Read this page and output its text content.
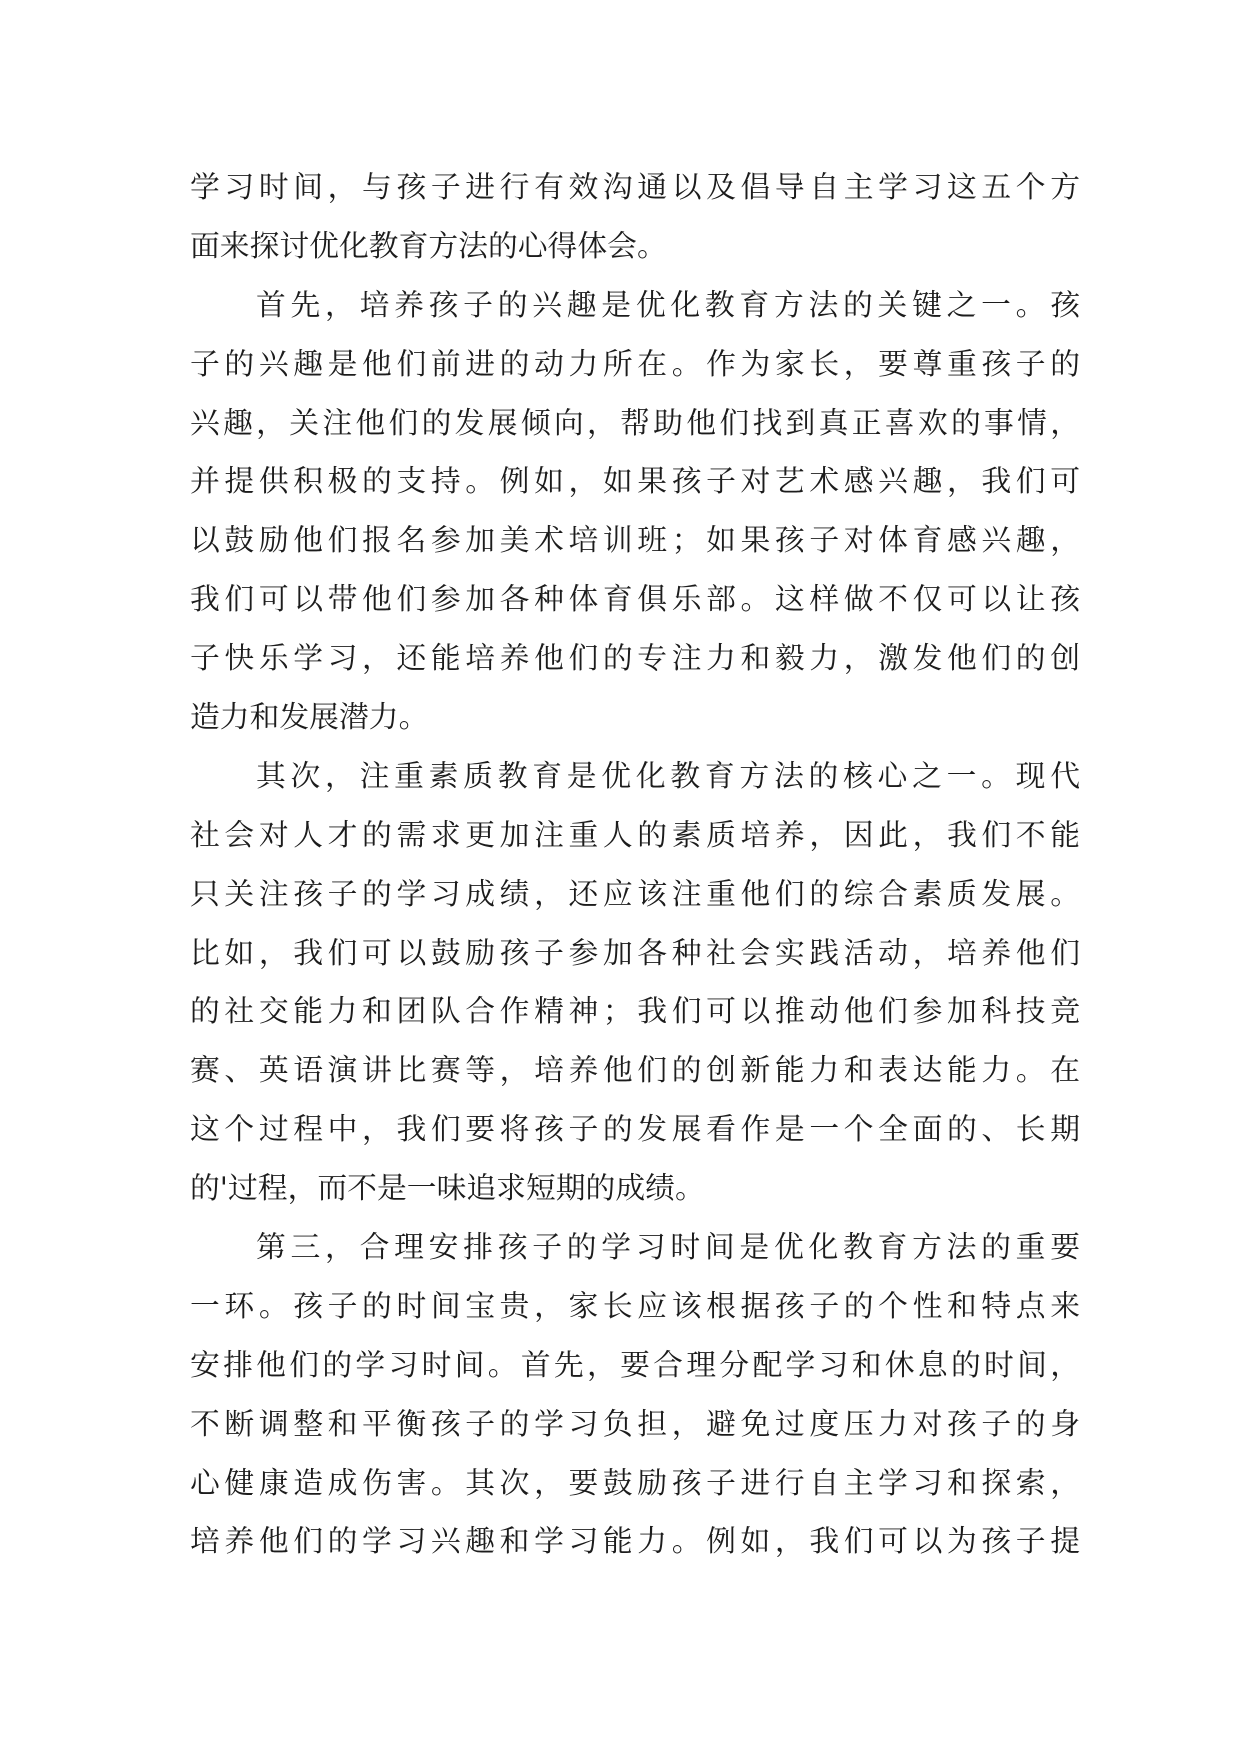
学习时间，与孩子进行有效沟通以及倡导自主学习这五个方
面来探讨优化教育方法的心得体会。
首先，培养孩子的兴趣是优化教育方法的关键之一。孩
子的兴趣是他们前进的动力所在。作为家长，要尊重孩子的
兴趣，关注他们的发展倾向，帮助他们找到真正喜欢的事情，
并提供积极的支持。例如，如果孩子对艺术感兴趣，我们可
以鼓励他们报名参加美术培训班；如果孩子对体育感兴趣，
我们可以带他们参加各种体育俱乐部。这样做不仅可以让孩
子快乐学习，还能培养他们的专注力和毅力，激发他们的创
造力和发展潜力。
其次，注重素质教育是优化教育方法的核心之一。现代
社会对人才的需求更加注重人的素质培养，因此，我们不能
只关注孩子的学习成绩，还应该注重他们的综合素质发展。
比如，我们可以鼓励孩子参加各种社会实践活动，培养他们
的社交能力和团队合作精神；我们可以推动他们参加科技竞
赛、英语演讲比赛等，培养他们的创新能力和表达能力。在
这个过程中，我们要将孩子的发展看作是一个全面的、长期
的'过程，而不是一味追求短期的成绩。
第三，合理安排孩子的学习时间是优化教育方法的重要
一环。孩子的时间宝贵，家长应该根据孩子的个性和特点来
安排他们的学习时间。首先，要合理分配学习和休息的时间，
不断调整和平衡孩子的学习负担，避免过度压力对孩子的身
心健康造成伤害。其次，要鼓励孩子进行自主学习和探索，
培养他们的学习兴趣和学习能力。例如，我们可以为孩子提
